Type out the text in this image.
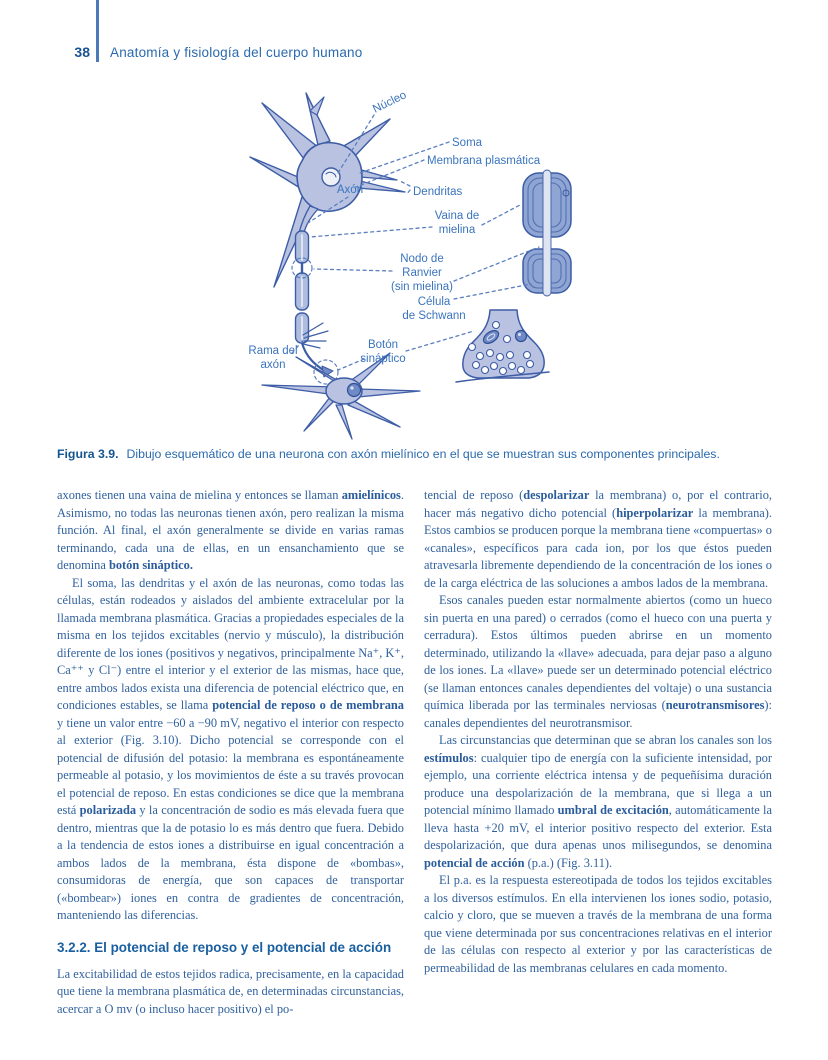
38 Anatomía y fisiología del cuerpo humano
Núcleo
Soma
Membrana plasmática
Dendritas
Axón
Vaina de
mielina
Nodo de
Ranvier
(sin mielina)
Célula
de Schwann
Rama del
axón
Botón
sináptico
Figura 3.9. Dibujo esquemático de una neurona con axón mielínico en el que se muestran sus componentes principales.

axones tienen una vaina de mielina y entonces se llaman amielínicos. Asimismo, no todas las neuronas tienen axón, pero realizan la misma función. Al final, el axón generalmente se divide en varias ramas terminando, cada una de ellas, en un ensanchamiento que se denomina botón sináptico.

El soma, las dendritas y el axón de las neuronas, como todas las células, están rodeados y aislados del ambiente extracelular por la llamada membrana plasmática. Gracias a propiedades especiales de la misma en los tejidos excitables (nervio y músculo), la distribución diferente de los iones (positivos y negativos, principalmente Na⁺, K⁺, Ca⁺⁺ y Cl⁻) entre el interior y el exterior de las mismas, hace que, entre ambos lados exista una diferencia de potencial eléctrico que, en condiciones estables, se llama potencial de reposo o de membrana y tiene un valor entre −60 a −90 mV, negativo el interior con respecto al exterior (Fig. 3.10). Dicho potencial se corresponde con el potencial de difusión del potasio: la membrana es espontáneamente permeable al potasio, y los movimientos de éste a su través provocan el potencial de reposo. En estas condiciones se dice que la membrana está polarizada y la concentración de sodio es más elevada fuera que dentro, mientras que la de potasio lo es más dentro que fuera. Debido a la tendencia de estos iones a distribuirse en igual concentración a ambos lados de la membrana, ésta dispone de «bombas», consumidoras de energía, que son capaces de transportar («bombear») iones en contra de gradientes de concentración, manteniendo las diferencias.

3.2.2. El potencial de reposo y el potencial de acción

La excitabilidad de estos tejidos radica, precisamente, en la capacidad que tiene la membrana plasmática de, en determinadas circunstancias, acercar a O mv (o incluso hacer positivo) el po-

tencial de reposo (despolarizar la membrana) o, por el contrario, hacer más negativo dicho potencial (hiperpolarizar la membrana). Estos cambios se producen porque la membrana tiene «compuertas» o «canales», específicos para cada ion, por los que éstos pueden atravesarla libremente dependiendo de la concentración de los iones o de la carga eléctrica de las soluciones a ambos lados de la membrana.

Esos canales pueden estar normalmente abiertos (como un hueco sin puerta en una pared) o cerrados (como el hueco con una puerta y cerradura). Estos últimos pueden abrirse en un momento determinado, utilizando la «llave» adecuada, para dejar paso a alguno de los iones. La «llave» puede ser un determinado potencial eléctrico (se llaman entonces canales dependientes del voltaje) o una sustancia química liberada por las terminales nerviosas (neurotransmisores): canales dependientes del neurotransmisor.

Las circunstancias que determinan que se abran los canales son los estímulos: cualquier tipo de energía con la suficiente intensidad, por ejemplo, una corriente eléctrica intensa y de pequeñísima duración produce una despolarización de la membrana, que si llega a un potencial mínimo llamado umbral de excitación, automáticamente la lleva hasta +20 mV, el interior positivo respecto del exterior. Esta despolarización, que dura apenas unos milisegundos, se denomina potencial de acción (p.a.) (Fig. 3.11).

El p.a. es la respuesta estereotipada de todos los tejidos excitables a los diversos estímulos. En ella intervienen los iones sodio, potasio, calcio y cloro, que se mueven a través de la membrana de una forma que viene determinada por sus concentraciones relativas en el interior de las células con respecto al exterior y por las características de permeabilidad de las membranas celulares en cada momento.
